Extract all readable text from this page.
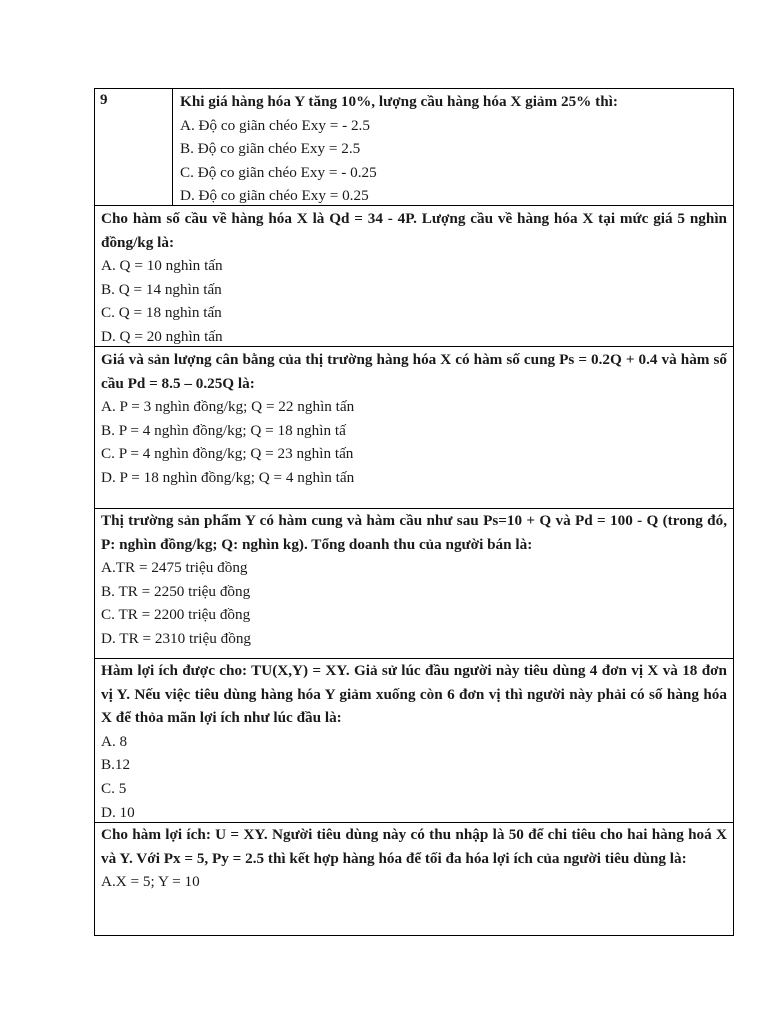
9	Khi giá hàng hóa Y tăng 10%, lượng cầu hàng hóa X giảm 25% thì:

A. Độ co giãn chéo Exy = - 2.5

B. Độ co giãn chéo Exy = 2.5

C. Độ co giãn chéo Exy = - 0.25

D. Độ co giãn chéo Exy = 0.25

Cho hàm số cầu về hàng hóa X là Qd = 34 - 4P. Lượng cầu về hàng hóa X tại mức giá 5 nghìn đồng/kg là:

A. Q = 10 nghìn tấn

B. Q = 14 nghìn tấn

C. Q = 18 nghìn tấn

D. Q = 20 nghìn tấn

Giá và sản lượng cân bằng của thị trường hàng hóa X có hàm số cung Ps = 0.2Q + 0.4 và hàm số cầu Pd = 8.5 – 0.25Q là:

A. P = 3 nghìn đồng/kg; Q = 22 nghìn tấn

B. P = 4 nghìn đồng/kg; Q = 18 nghìn tấ

C. P = 4 nghìn đồng/kg; Q = 23 nghìn tấn

D. P = 18 nghìn đồng/kg; Q = 4 nghìn tấn

Thị trường sản phẩm Y có hàm cung và hàm cầu như sau Ps=10 + Q và Pd = 100 - Q (trong đó, P: nghìn đồng/kg; Q: nghìn kg). Tổng doanh thu của người bán là:

A.TR = 2475 triệu đồng

B. TR = 2250 triệu đồng

C. TR = 2200 triệu đồng

D. TR = 2310 triệu đồng

Hàm lợi ích được cho: TU(X,Y) = XY. Giả sử lúc đầu người này tiêu dùng 4 đơn vị X và 18 đơn vị Y. Nếu việc tiêu dùng hàng hóa Y giảm xuống còn 6 đơn vị thì người này phải có số hàng hóa X để thỏa mãn lợi ích như lúc đầu là:

A. 8

B.12

C. 5

D. 10

Cho hàm lợi ích: U = XY. Người tiêu dùng này có thu nhập là 50 để chi tiêu cho hai hàng hoá X và Y. Với Px = 5, Py = 2.5 thì kết hợp hàng hóa để tối đa hóa lợi ích của người tiêu dùng là:

A.X = 5; Y = 10
